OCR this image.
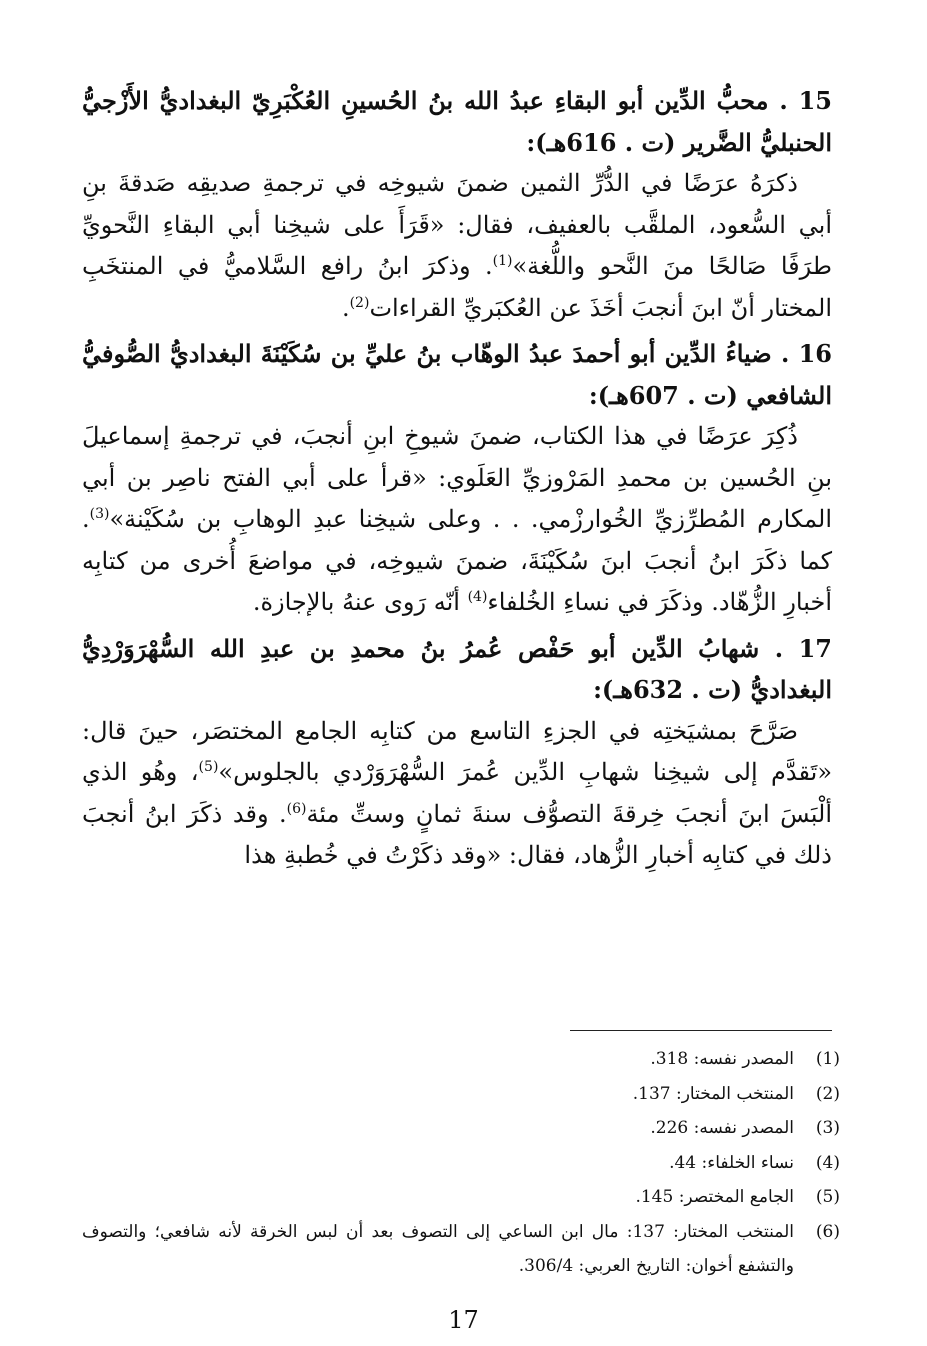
15 . محبُّ الدِّين أبو البقاءِ عبدُ الله بنُ الحُسينِ العُكْبَرِيّ البغداديُّ الأَزْجيُّ الحنبليُّ الضَّرير (ت . 616هـ):

ذكرَهُ عرَضًا في الدُّرِّ الثمين ضمنَ شيوخِه في ترجمةِ صديقِه صَدقةَ بنِ أبي السُّعود، الملقَّب بالعفيف، فقال: «قَرَأَ على شيخِنا أبي البقاءِ النَّحويِّ طرَفًا صَالحًا منَ النَّحو واللُّغة»$^{(1)}$. وذكرَ ابنُ رافع السَّلاميُّ في المنتخَبِ المختار أنّ ابنَ أنجبَ أخَذَ عن العُكبَريِّ القراءات$^{(2)}$.

16 . ضياءُ الدِّين أبو أحمدَ عبدُ الوهّاب بنُ عليِّ بن سُكَيْنَةَ البغداديُّ الصُّوفيُّ الشافعي (ت . 607هـ):

ذُكِرَ عرَضًا في هذا الكتاب، ضمنَ شيوخِ ابنِ أنجبَ، في ترجمةِ إسماعيلَ بنِ الحُسين بن محمدِ المَرْوزيِّ العَلَوي: «قرأ على أبي الفتح ناصِر بن أبي المكارم المُطرِّزيِّ الخُوارزْمي. . . وعلى شيخِنا عبدِ الوهابِ بن سُكَيْنة»$^{(3)}$. كما ذكَرَ ابنُ أنجبَ ابنَ سُكَيْنَةَ، ضمنَ شيوخِه، في مواضعَ أُخرى من كتابِه أخبارِ الزُّهّاد. وذكَرَ في نساءِ الخُلفاء$^{(4)}$ أنّه رَوى عنهُ بالإجازة.

17 . شهابُ الدِّين أبو حَفْص عُمرُ بنُ محمدِ بن عبدِ الله السُّهْرَوَرْدِيُّ البغداديُّ (ت . 632هـ):

صَرَّحَ بمشيَختِه في الجزءِ التاسع من كتابِه الجامع المختصَر، حينَ قال: «تَقدَّم إلى شيخِنا شهابِ الدِّين عُمرَ السُّهْرَوَرْدي بالجلوس»$^{(5)}$، وهُو الذي ألْبَسَ ابنَ أنجبَ خِرقةَ التصوُّف سنةَ ثمانٍ وستِّ مئة$^{(6)}$. وقد ذكَرَ ابنُ أنجبَ ذلك في كتابِه أخبارِ الزُّهاد، فقال: «وقد ذكَرْتُ في خُطبةِ هذا

(1)
المصدر نفسه: 318.
(2)
المنتخب المختار: 137.
(3)
المصدر نفسه: 226.
(4)
نساء الخلفاء: 44.
(5)
الجامع المختصر: 145.
(6)
المنتخب المختار: 137: مال ابن الساعي إلى التصوف بعد أن لبس الخرقة لأنه شافعي؛ والتصوف والتشفع أخوان: التاريخ العربي: 306/4.
17
